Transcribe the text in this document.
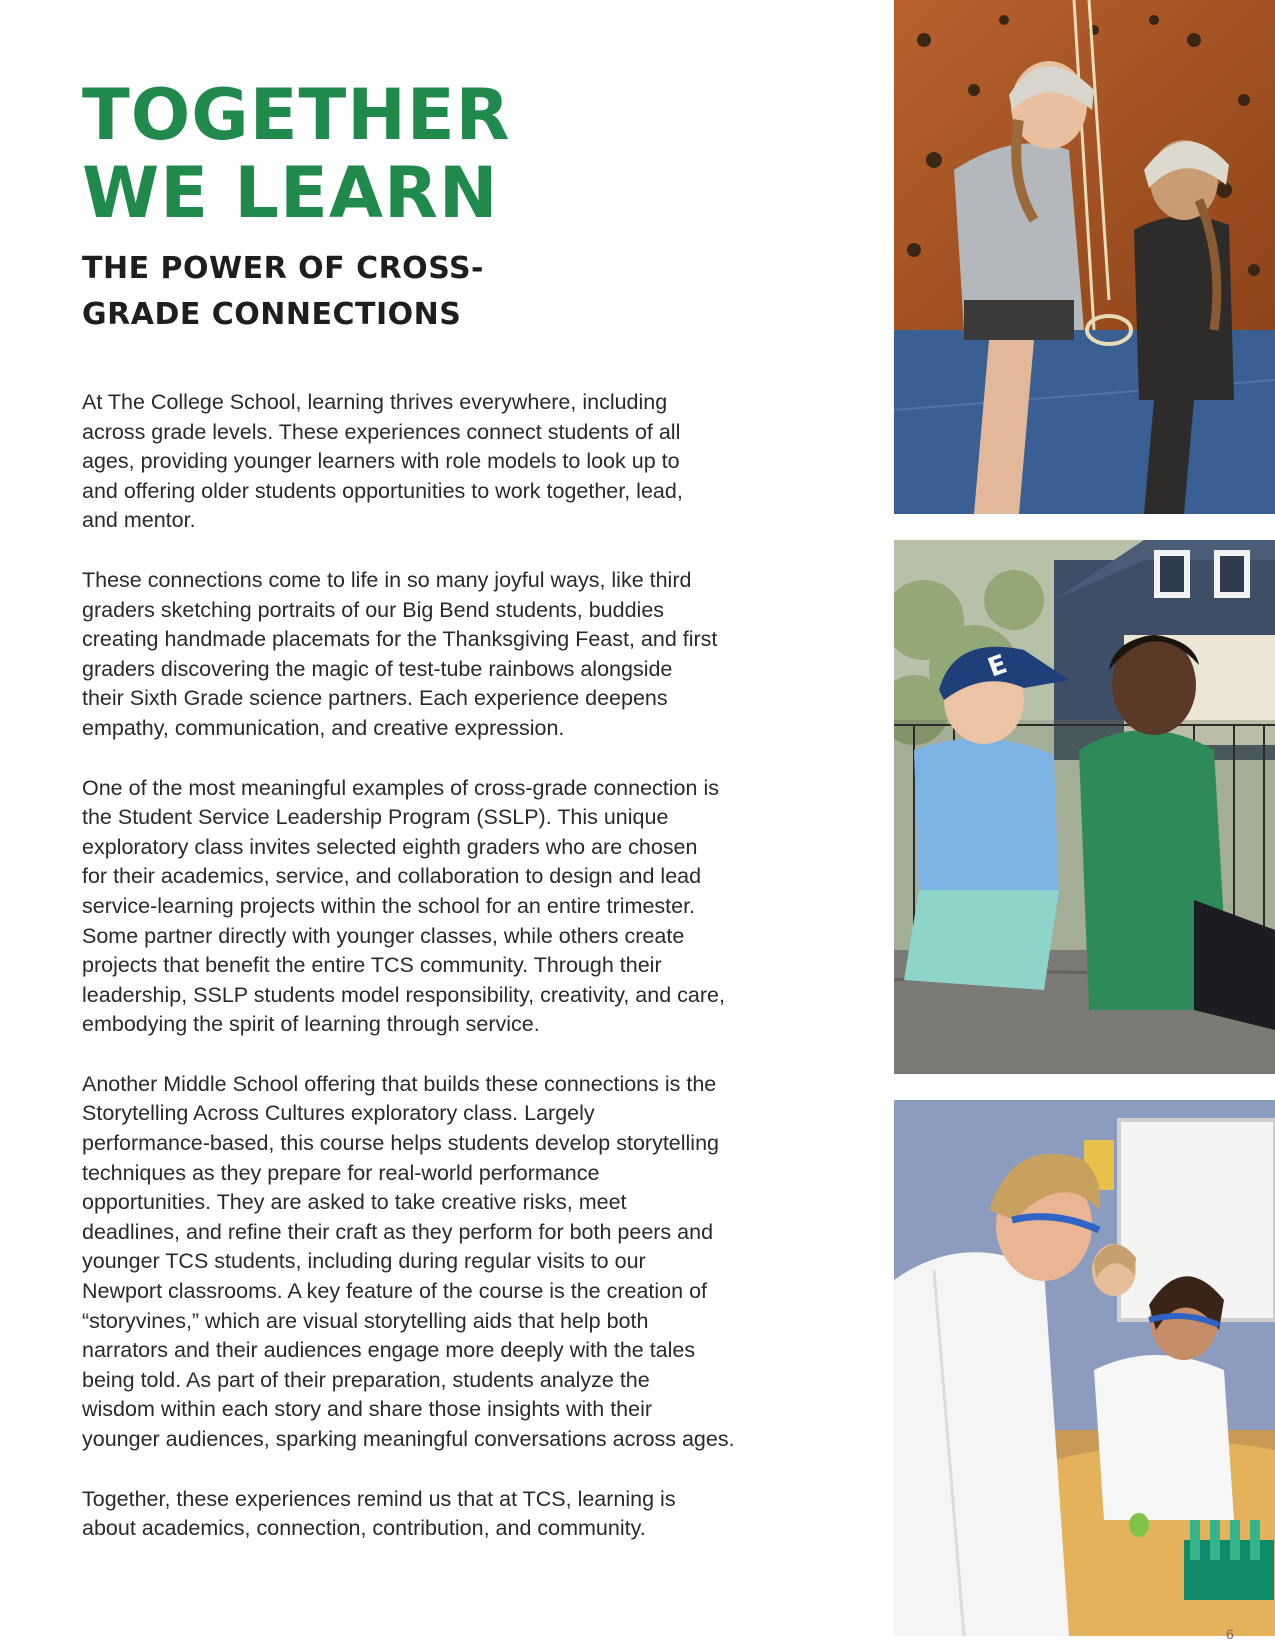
TOGETHER
WE LEARN
THE POWER OF CROSS-
GRADE CONNECTIONS

At The College School, learning thrives everywhere, including
across grade levels. These experiences connect students of all
ages, providing younger learners with role models to look up to
and offering older students opportunities to work together, lead,
and mentor.

These connections come to life in so many joyful ways, like third
graders sketching portraits of our Big Bend students, buddies
creating handmade placemats for the Thanksgiving Feast, and first
graders discovering the magic of test-tube rainbows alongside
their Sixth Grade science partners. Each experience deepens
empathy, communication, and creative expression.

One of the most meaningful examples of cross-grade connection is
the Student Service Leadership Program (SSLP). This unique
exploratory class invites selected eighth graders who are chosen
for their academics, service, and collaboration to design and lead
service-learning projects within the school for an entire trimester.
Some partner directly with younger classes, while others create
projects that benefit the entire TCS community. Through their
leadership, SSLP students model responsibility, creativity, and care,
embodying the spirit of learning through service.

Another Middle School offering that builds these connections is the
Storytelling Across Cultures exploratory class. Largely
performance-based, this course helps students develop storytelling
techniques as they prepare for real-world performance
opportunities. They are asked to take creative risks, meet
deadlines, and refine their craft as they perform for both peers and
younger TCS students, including during regular visits to our
Newport classrooms. A key feature of the course is the creation of
“storyvines,” which are visual storytelling aids that help both
narrators and their audiences engage more deeply with the tales
being told. As part of their preparation, students analyze the
wisdom within each story and share those insights with their
younger audiences, sparking meaningful conversations across ages.

Together, these experiences remind us that at TCS, learning is
about academics, connection, contribution, and community.

E
6
